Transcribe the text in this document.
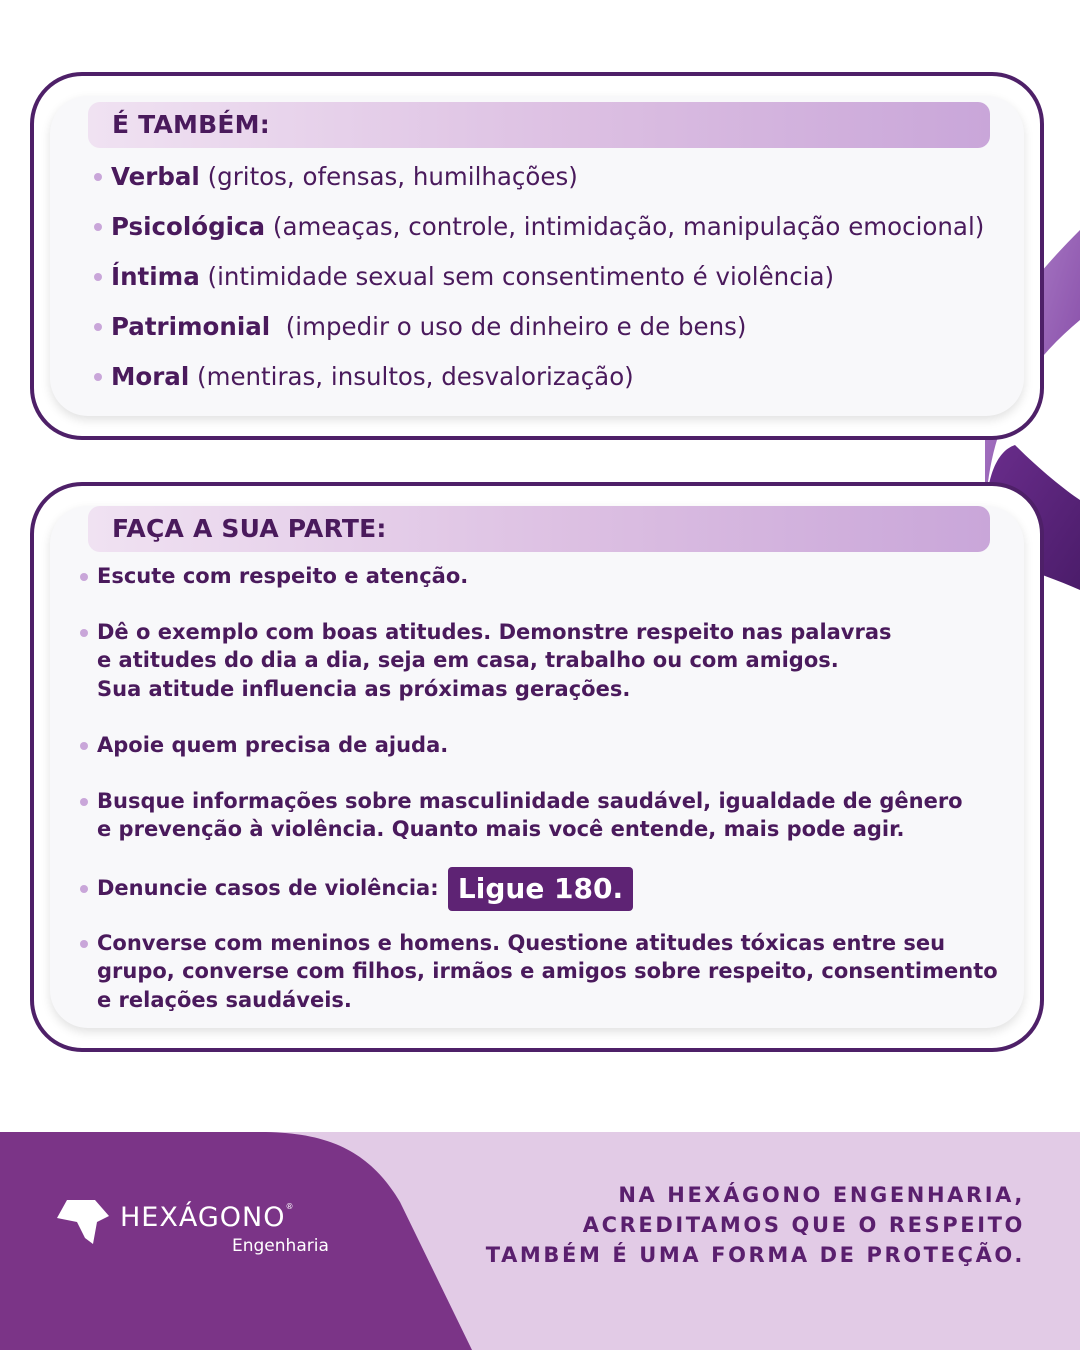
É TAMBÉM:
Verbal (gritos, ofensas, humilhações)
Psicológica (ameaças, controle, intimidação, manipulação emocional)
Íntima (intimidade sexual sem consentimento é violência)
Patrimonial  (impedir o uso de dinheiro e de bens)
Moral (mentiras, insultos, desvalorização)
FAÇA A SUA PARTE:
Escute com respeito e atenção.
Dê o exemplo com boas atitudes. Demonstre respeito nas palavras
e atitudes do dia a dia, seja em casa, trabalho ou com amigos.
Sua atitude influencia as próximas gerações.
Apoie quem precisa de ajuda.
Busque informações sobre masculinidade saudável, igualdade de gênero
e prevenção à violência. Quanto mais você entende, mais pode agir.
Denuncie casos de violência: Ligue 180.
Converse com meninos e homens. Questione atitudes tóxicas entre seu
grupo, converse com filhos, irmãos e amigos sobre respeito, consentimento
e relações saudáveis.
HEXÁGONO®
Engenharia
NA HEXÁGONO ENGENHARIA,
ACREDITAMOS QUE O RESPEITO
TAMBÉM É UMA FORMA DE PROTEÇÃO.
